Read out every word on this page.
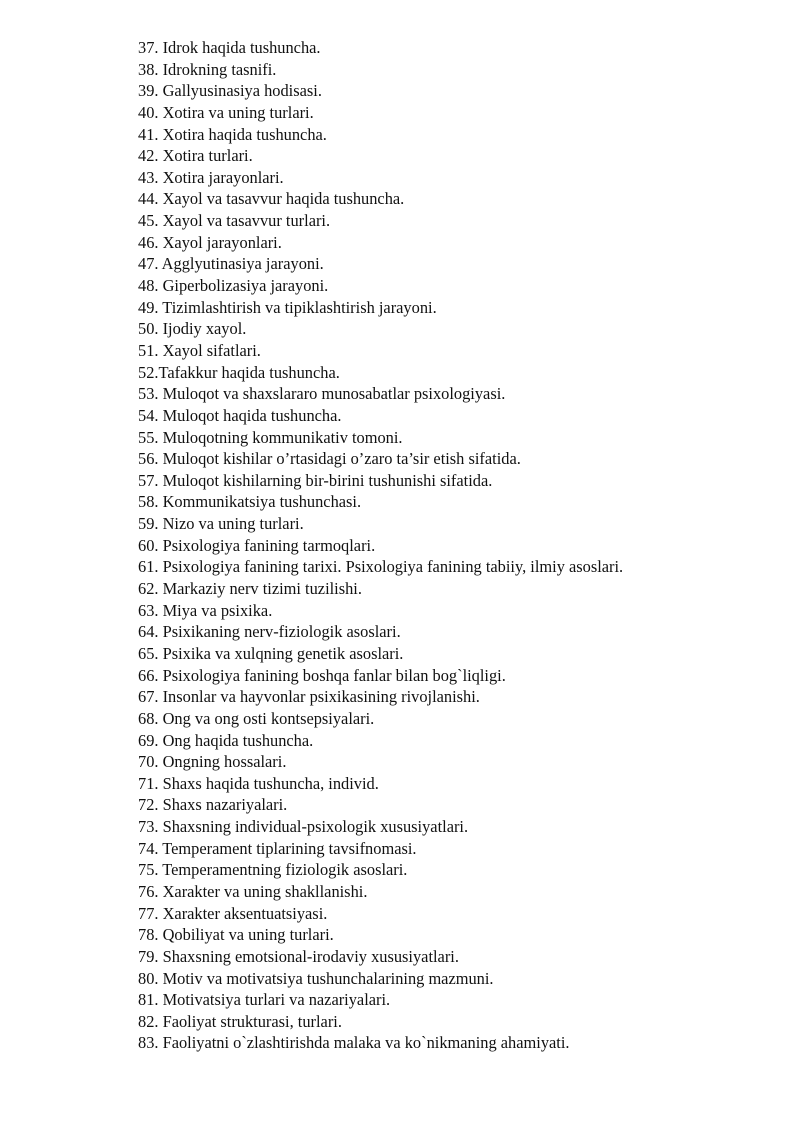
37. Idrok haqida tushuncha.
38. Idrokning tasnifi.
39. Gallyusinasiya hodisasi.
40. Xotira va uning turlari.
41. Xotira haqida tushuncha.
42. Xotira turlari.
43. Xotira jarayonlari.
44. Xayol va tasavvur haqida tushuncha.
45. Xayol va tasavvur turlari.
46. Xayol jarayonlari.
47. Agglyutinasiya jarayoni.
48. Giperbolizasiya jarayoni.
49. Tizimlashtirish va tipiklashtirish jarayoni.
50. Ijodiy xayol.
51. Xayol sifatlari.
52.Tafakkur haqida tushuncha.
53. Muloqot va shaxslararo munosabatlar psixologiyasi.
54. Muloqot haqida tushuncha.
55. Muloqotning kommunikativ tomoni.
56. Muloqot kishilar o’rtasidagi o’zaro ta’sir etish sifatida.
57. Muloqot kishilarning bir-birini tushunishi sifatida.
58. Kommunikatsiya tushunchasi.
59. Nizo va uning turlari.
60. Psixologiya fanining tarmoqlari.
61. Psixologiya fanining tarixi. Psixologiya fanining tabiiy, ilmiy asoslari.
62. Markaziy nerv tizimi tuzilishi.
63. Miya va psixika.
64. Psixikaning nerv-fiziologik asoslari.
65. Psixika va xulqning genetik asoslari.
66. Psixologiya fanining boshqa fanlar bilan bog`liqligi.
67. Insonlar va hayvonlar psixikasining rivojlanishi.
68. Ong va ong osti kontsepsiyalari.
69. Ong haqida tushuncha.
70. Ongning hossalari.
71. Shaxs haqida tushuncha, individ.
72. Shaxs nazariyalari.
73. Shaxsning individual-psixologik xususiyatlari.
74. Temperament tiplarining tavsifnomasi.
75. Temperamentning fiziologik asoslari.
76. Xarakter va uning shakllanishi.
77. Xarakter aksentuatsiyasi.
78. Qobiliyat va uning turlari.
79. Shaxsning emotsional-irodaviy xususiyatlari.
80. Motiv va motivatsiya tushunchalarining mazmuni.
81. Motivatsiya turlari va nazariyalari.
82. Faoliyat strukturasi, turlari.
83. Faoliyatni o`zlashtirishda malaka va ko`nikmaning ahamiyati.
